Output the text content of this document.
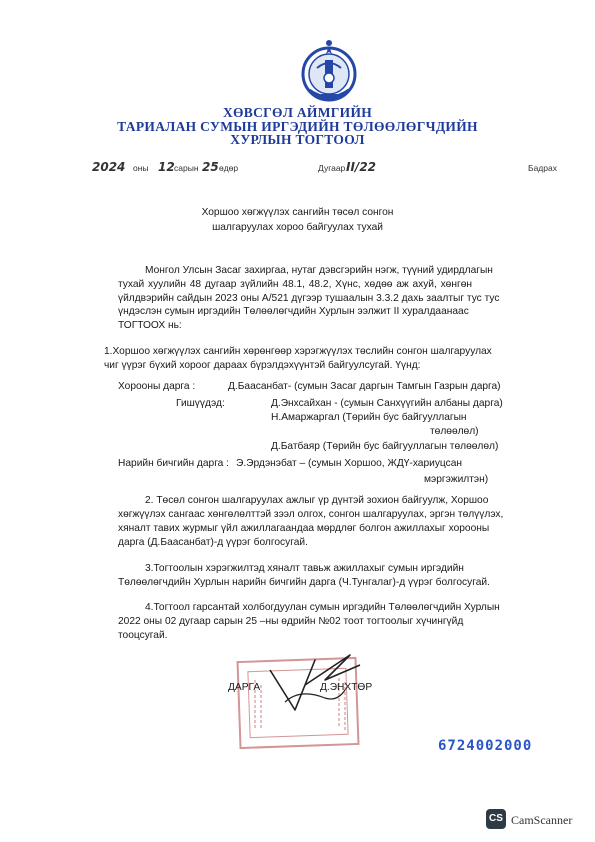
ХӨВСГӨЛ АЙМГИЙН
ТАРИАЛАН СУМЫН ИРГЭДИЙН ТӨЛӨӨЛӨГЧДИЙН
ХУРЛЫН ТОГТООЛ
2024 оны 12 сарын 25 өдөр	Дугаар II/22	Бадрах
Хоршоо хөгжүүлэх сангийн төсөл сонгон
шалгаруулах хороо байгуулах тухай
Монгол Улсын Засаг захиргаа, нутаг дэвсгэрийн нэгж, түүний удирдлагын
тухай хуулийн 48 дугаар зүйлийн 48.1, 48.2, Хүнс, хөдөө аж ахуй, хөнгөн
үйлдвэрийн сайдын 2023 оны А/521 дүгээр тушаалын 3.3.2 дахь заалтыг тус тус
үндэслэн сумын иргэдийн Төлөөлөгчдийн Хурлын ээлжит II хуралдаанаас
ТОГТООХ нь:
1.Хоршоо хөгжүүлэх сангийн хөрөнгөөр хэрэгжүүлэх төслийн сонгон шалгаруулах
чиг үүрэг бүхий хороог дараах бүрэлдэхүүнтэй байгуулсугай. Үүнд:
Хорооны дарга :	Д.Баасанбат- (сумын Засаг даргын Тамгын Газрын дарга)
Гишүүдэд:	Д.Энхсайхан - (сумын Санхүүгийн албаны дарга)
Н.Амаржаргал (Төрийн бус байгууллагын
төлөөлөл)
Д.Батбаяр (Төрийн бус байгууллагын төлөөлөл)
Нарийн бичгийн дарга : Э.Эрдэнэбат – (сумын Хоршоо, ЖДҮ-хариуцсан
мэргэжилтэн)
2. Төсөл сонгон шалгаруулах ажлыг үр дүнтэй зохион байгуулж, Хоршоо
хөгжүүлэх сангаас хөнгөлөлттэй зээл олгох, сонгон шалгаруулах, эргэн төлүүлэх,
хяналт тавих журмыг үйл ажиллагаандаа мөрдлөг болгон ажиллахыг хорооны
дарга (Д.Баасанбат)-д үүрэг болгосугай.
3.Тогтоолын хэрэгжилтэд хяналт тавьж ажиллахыг сумын иргэдийн
Төлөөлөгчдийн Хурлын нарийн бичгийн дарга (Ч.Тунгалаг)-д үүрэг болгосугай.
4.Тогтоол гарсантай холбогдуулан сумын иргэдийн Төлөөлөгчдийн Хурлын
2022 оны 02 дугаар сарын 25 –ны өдрийн №02 тоот тогтоолыг хүчингүйд
тооцсугай.
ДАРГА	Д.ЭНХТӨР
6724002000
CS CamScanner
